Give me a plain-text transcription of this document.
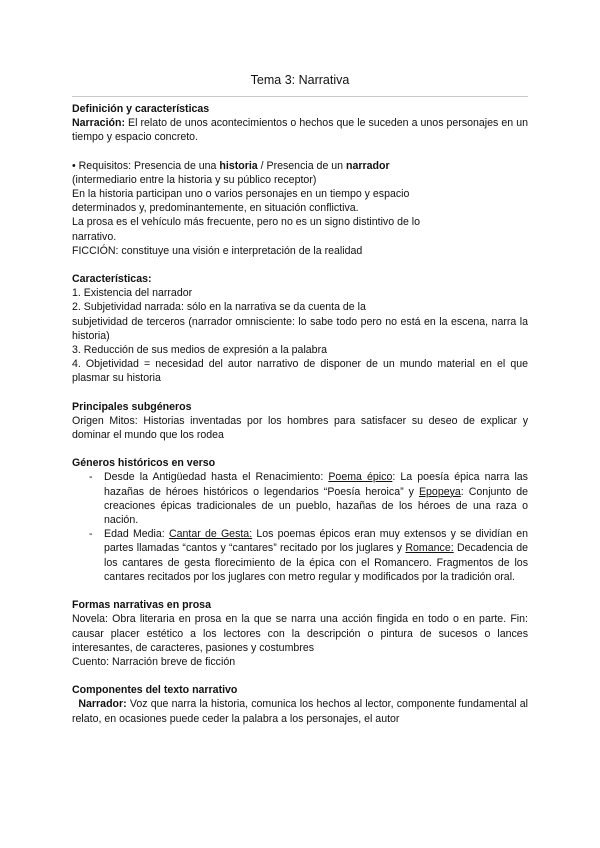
Tema 3: Narrativa

Definición y características

Narración: El relato de unos acontecimientos o hechos que le suceden a unos personajes en un tiempo y espacio concreto.

• Requisitos: Presencia de una historia / Presencia de un narrador

(intermediario entre la historia y su público receptor)

En la historia participan uno o varios personajes en un tiempo y espacio

determinados y, predominantemente, en situación conflictiva.

La prosa es el vehículo más frecuente, pero no es un signo distintivo de lo

narrativo.

FICCIÓN: constituye una visión e interpretación de la realidad

Características:

1. Existencia del narrador

2. Subjetividad narrada: sólo en la narrativa se da cuenta de la

subjetividad de terceros (narrador omnisciente: lo sabe todo pero no está en la escena, narra la historia)

3. Reducción de sus medios de expresión a la palabra

4. Objetividad = necesidad del autor narrativo de disponer de un mundo material en el que plasmar su historia

Principales subgéneros

Origen Mitos: Historias inventadas por los hombres para satisfacer su deseo de explicar y dominar el mundo que los rodea

Géneros históricos en verso

- Desde la Antigüedad hasta el Renacimiento: Poema épico: La poesía épica narra las hazañas de héroes históricos o legendarios “Poesía heroica” y Epopeya: Conjunto de creaciones épicas tradicionales de un pueblo, hazañas de los héroes de una raza o nación.
- Edad Media: Cantar de Gesta: Los poemas épicos eran muy extensos y se dividían en partes llamadas “cantos y “cantares” recitado por los juglares y Romance: Decadencia de los cantares de gesta florecimiento de la épica con el Romancero. Fragmentos de los cantares recitados por los juglares con metro regular y modificados por la tradición oral.

Formas narrativas en prosa

Novela: Obra literaria en prosa en la que se narra una acción fingida en todo o en parte. Fin: causar placer estético a los lectores con la descripción o pintura de sucesos o lances interesantes, de caracteres, pasiones y costumbres

Cuento: Narración breve de ficción

Componentes del texto narrativo

Narrador: Voz que narra la historia, comunica los hechos al lector, componente fundamental al relato, en ocasiones puede ceder la palabra a los personajes, el autor
